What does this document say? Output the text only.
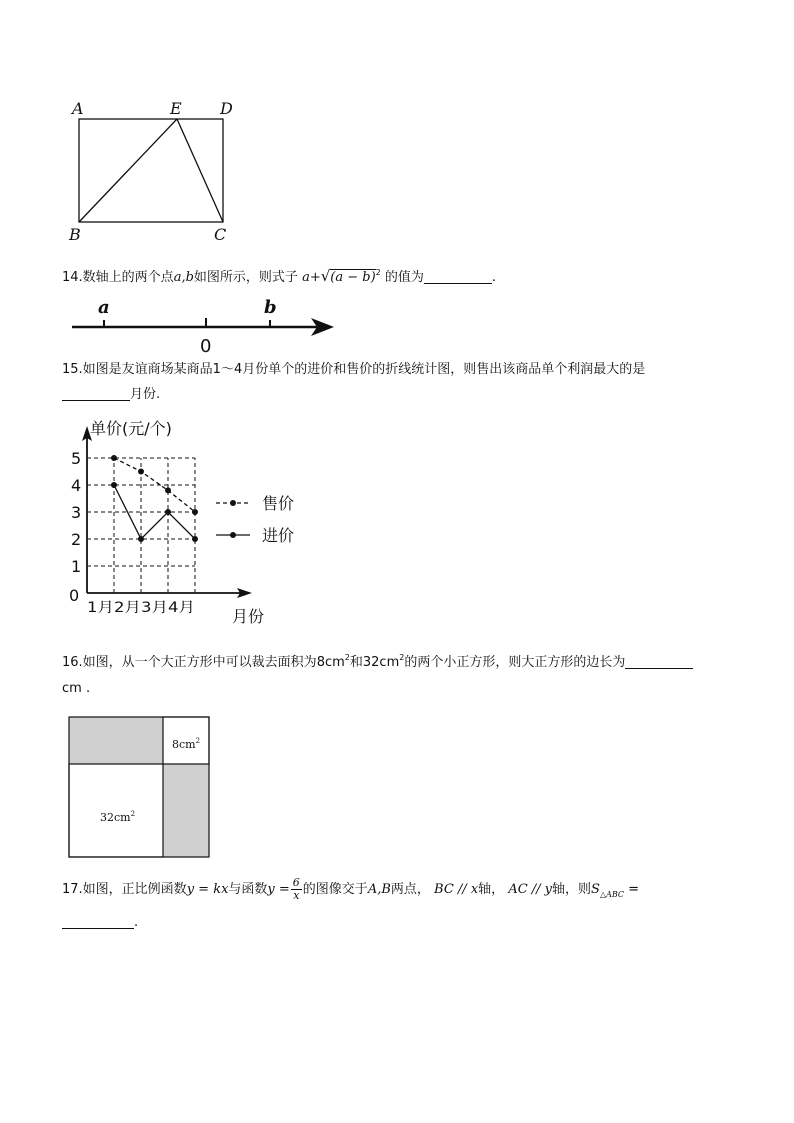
A	E D
B	C
14.数轴上的两个点a,b如图所示，则式子 $a+√(a - b)^2$ 的值为	.
a
0
b
15.如图是友谊商场某商品1～4月份单个的进价和售价的折线统计图，则售出该商品单个利润最大的是
月份.
单价(元/个)
月份
0
1
2
3
4
5
1月 2月 3月 4月
售价
进价
16.如图，从一个大正方形中可以裁去面积为$8cm^2$和$32cm^2$的两个小正方形，则大正方形的边长为
cm .
$8cm^2$
$32cm^2$
17.如图，正比例函数y = kx与函数$y = \frac{6}{x}$ 的图像交于A,B两点， BC // x轴， AC // y轴，则$S_{\triangle ABC}$ =
.
